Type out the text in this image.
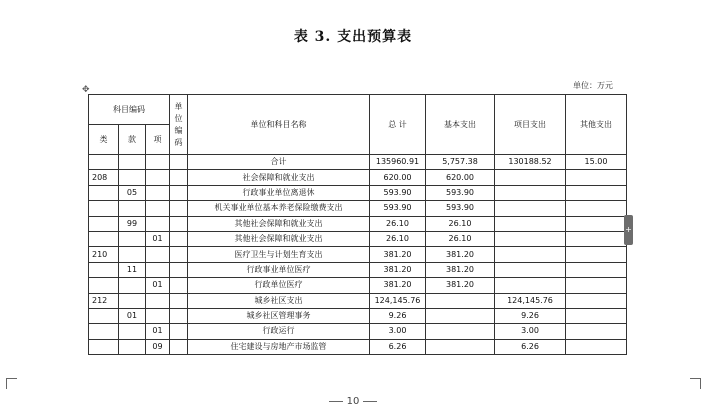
表 3. 支出预算表
单位：万元
✥
科目编码			单位编码	单位和科目名称	总 计	基本支出	项目支出	其他支出
类	款	项						
				合计	135960.91	5,757.38	130188.52	15.00
208				社会保障和就业支出	620.00	620.00		
	05			行政事业单位离退休	593.90	593.90		
				机关事业单位基本养老保险缴费支出	593.90	593.90		
	99			其他社会保障和就业支出	26.10	26.10		
		01		其他社会保障和就业支出	26.10	26.10		
210				医疗卫生与计划生育支出	381.20	381.20		
	11			行政事业单位医疗	381.20	381.20		
		01		行政单位医疗	381.20	381.20		
212				城乡社区支出	124,145.76		124,145.76	
	01			城乡社区管理事务	9.26		9.26	
		01		行政运行	3.00		3.00	
		09		住宅建设与房地产市场监管	6.26		6.26	
+
10
